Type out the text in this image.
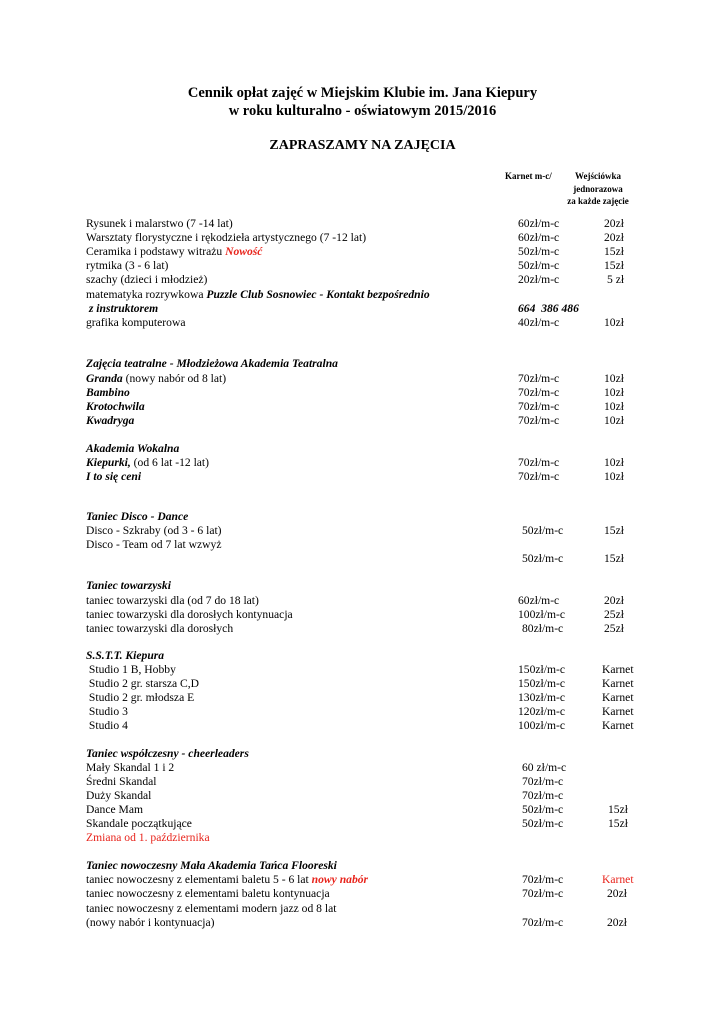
Cennik opłat zajęć w Miejskim Klubie im. Jana Kiepury
w roku kulturalno - oświatowym 2015/2016
ZAPRASZAMY NA ZAJĘCIA
Karnet m-c/	Wejściówka
jednorazowa
za każde zajęcie
Rysunek i malarstwo (7 -14 lat)	60zł/m-c	20zł
Warsztaty florystyczne i rękodzieła artystycznego (7 -12 lat)	60zł/m-c	20zł
Ceramika i podstawy witrażu Nowość	50zł/m-c	15zł
rytmika (3 - 6 lat)	50zł/m-c	15zł
szachy (dzieci i młodzież)	20zł/m-c	5 zł
matematyka rozrywkowa Puzzle Club Sosnowiec - Kontakt bezpośrednio
z instruktorem	664  386 486
grafika komputerowa	40zł/m-c	10zł
Zajęcia teatralne - Młodzieżowa Akademia Teatralna
Granda (nowy nabór od 8 lat)	70zł/m-c	10zł
Bambino	70zł/m-c	10zł
Krotochwila	70zł/m-c	10zł
Kwadryga	70zł/m-c	10zł
Akademia Wokalna
Kiepurki, (od 6 lat -12 lat)	70zł/m-c	10zł
I to się ceni	70zł/m-c	10zł
Taniec Disco - Dance
Disco - Szkraby (od 3 - 6 lat)	50zł/m-c	15zł
Disco - Team od 7 lat wzwyż
50zł/m-c	15zł
Taniec towarzyski
taniec towarzyski dla (od 7 do 18 lat)	60zł/m-c	20zł
taniec towarzyski dla dorosłych kontynuacja	100zł/m-c	25zł
taniec towarzyski dla dorosłych	80zł/m-c	25zł
S.S.T.T. Kiepura
Studio 1 B, Hobby	150zł/m-c	Karnet
Studio 2 gr. starsza C,D	150zł/m-c	Karnet
Studio 2 gr. młodsza E	130zł/m-c	Karnet
Studio 3	120zł/m-c	Karnet
Studio 4	100zł/m-c	Karnet
Taniec współczesny - cheerleaders
Mały Skandal 1 i 2	60 zł/m-c
Średni Skandal	70zł/m-c
Duży Skandal	70zł/m-c
Dance Mam	50zł/m-c	15zł
Skandale początkujące	50zł/m-c	15zł
Zmiana od 1. października
Taniec nowoczesny Mała Akademia Tańca Flooreski
taniec nowoczesny z elementami baletu 5 - 6 lat nowy nabór	70zł/m-c	Karnet
taniec nowoczesny z elementami baletu kontynuacja	70zł/m-c	20zł
taniec nowoczesny z elementami modern jazz od 8 lat
(nowy nabór i kontynuacja)	70zł/m-c	20zł
